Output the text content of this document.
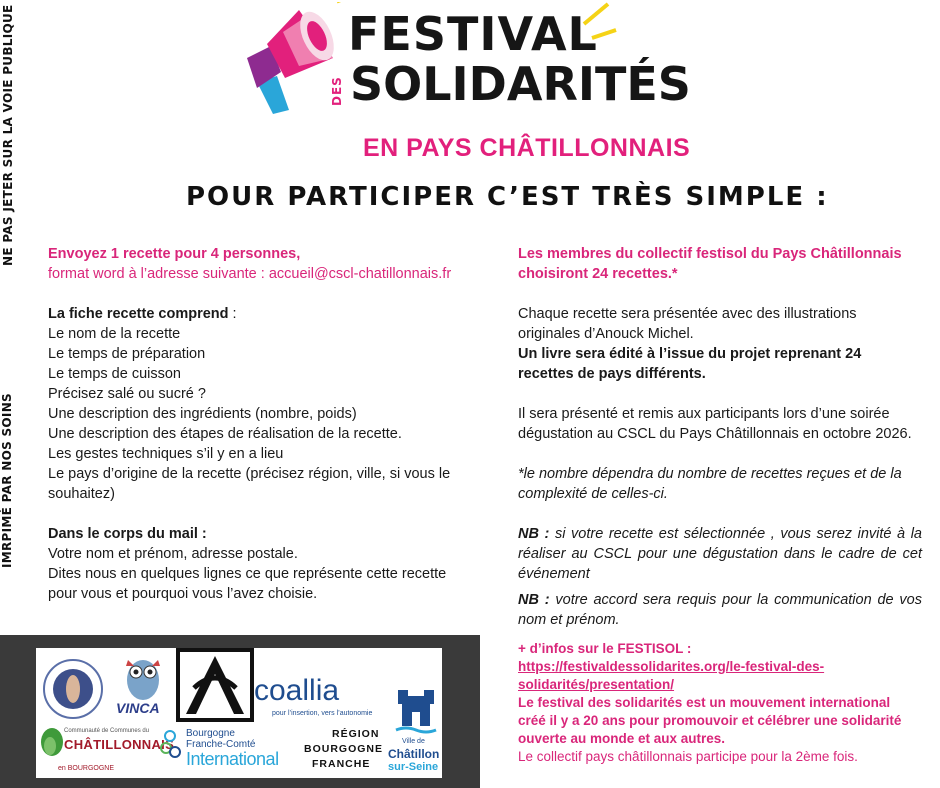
NE PAS JETER SUR LA VOIE PUBLIQUE
IMRPIMÉ PAR NOS SOINS
FESTIVAL
DES SOLIDARITÉS
EN PAYS CHÂTILLONNAIS
POUR PARTICIPER C’EST TRÈS SIMPLE :
Envoyez 1 recette pour 4 personnes,
format word à l’adresse suivante : accueil@cscl-chatillonnais.fr
La fiche recette comprend :
Le nom de la recette
Le temps de préparation
Le temps de cuisson
Précisez salé ou sucré ?
Une description des ingrédients (nombre, poids)
Une description des étapes de réalisation de la recette.
Les gestes techniques s’il y en a lieu
Le pays d’origine de la recette (précisez région, ville, si vous le souhaitez)
Dans le corps du mail :
Votre nom et prénom, adresse postale.
Dites nous en quelques lignes ce que représente cette recette pour vous et pourquoi vous l’avez choisie.
Les membres du collectif festisol du Pays Châtillonnais choisiront 24 recettes.*
Chaque recette sera présentée avec des illustrations originales d’Anouck Michel.
Un livre sera édité à l’issue du projet reprenant 24 recettes de pays différents.
Il sera présenté et remis aux participants lors d’une soirée dégustation au CSCL du Pays Châtillonnais en octobre 2026.
*le nombre dépendra du nombre de recettes reçues et de la complexité de celles-ci.
NB : si votre recette est sélectionnée , vous serez invité à la réaliser au CSCL pour une dégustation dans le cadre de cet événement
NB : votre accord sera requis pour la communication de vos nom et prénom.
+ d’infos sur le FESTISOL :
https://festivaldessolidarites.org/le-festival-des-solidarités/presentation/
Le festival des solidarités est un mouvement international créé il y a 20 ans pour promouvoir et célébrer une solidarité ouverte au monde et aux autres.
Le collectif pays châtillonnais participe pour la 2ème fois.
VINCA
coallia
pour l’insertion, vers l’autonomie
Communauté de Communes du
CHÂTILLONNAIS
en BOURGOGNE
Bourgogne
Franche-Comté
International
RÉGION
BOURGOGNE
FRANCHE
Ville de
Châtillon
sur-Seine
